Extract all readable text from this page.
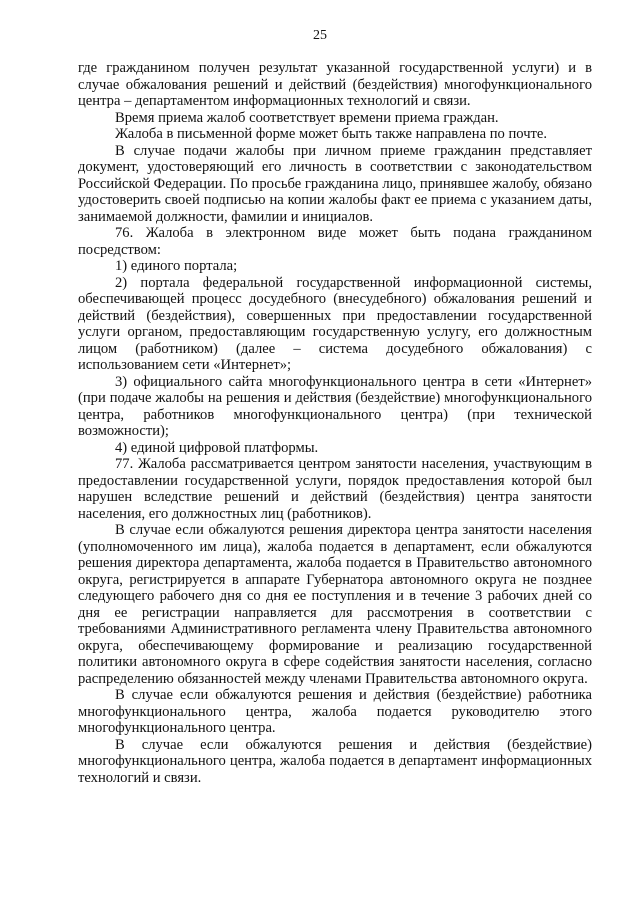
25

где гражданином получен результат указанной государственной услуги) и в случае обжалования решений и действий (бездействия) многофункционального центра – департаментом информационных технологий и связи.

Время приема жалоб соответствует времени приема граждан.

Жалоба в письменной форме может быть также направлена по почте.

В случае подачи жалобы при личном приеме гражданин представляет документ, удостоверяющий его личность в соответствии с законодательством Российской Федерации. По просьбе гражданина лицо, принявшее жалобу, обязано удостоверить своей подписью на копии жалобы факт ее приема с указанием даты, занимаемой должности, фамилии и инициалов.

76. Жалоба в электронном виде может быть подана гражданином посредством:

1) единого портала;

2) портала федеральной государственной информационной системы, обеспечивающей процесс досудебного (внесудебного) обжалования решений и действий (бездействия), совершенных при предоставлении государственной услуги органом, предоставляющим государственную услугу, его должностным лицом (работником) (далее – система досудебного обжалования) с использованием сети «Интернет»;

3) официального сайта многофункционального центра в сети «Интернет» (при подаче жалобы на решения и действия (бездействие) многофункционального центра, работников многофункционального центра) (при технической возможности);

4) единой цифровой платформы.

77. Жалоба рассматривается центром занятости населения, участвующим в предоставлении государственной услуги, порядок предоставления которой был нарушен вследствие решений и действий (бездействия) центра занятости населения, его должностных лиц (работников).

В случае если обжалуются решения директора центра занятости населения (уполномоченного им лица), жалоба подается в департамент, если обжалуются решения директора департамента, жалоба подается в Правительство автономного округа, регистрируется в аппарате Губернатора автономного округа не позднее следующего рабочего дня со дня ее поступления и в течение 3 рабочих дней со дня ее регистрации направляется для рассмотрения в соответствии с требованиями Административного регламента члену Правительства автономного округа, обеспечивающему формирование и реализацию государственной политики автономного округа в сфере содействия занятости населения, согласно распределению обязанностей между членами Правительства автономного округа.

В случае если обжалуются решения и действия (бездействие) работника многофункционального центра, жалоба подается руководителю этого многофункционального центра.

В случае если обжалуются решения и действия (бездействие) многофункционального центра, жалоба подается в департамент информационных технологий и связи.
